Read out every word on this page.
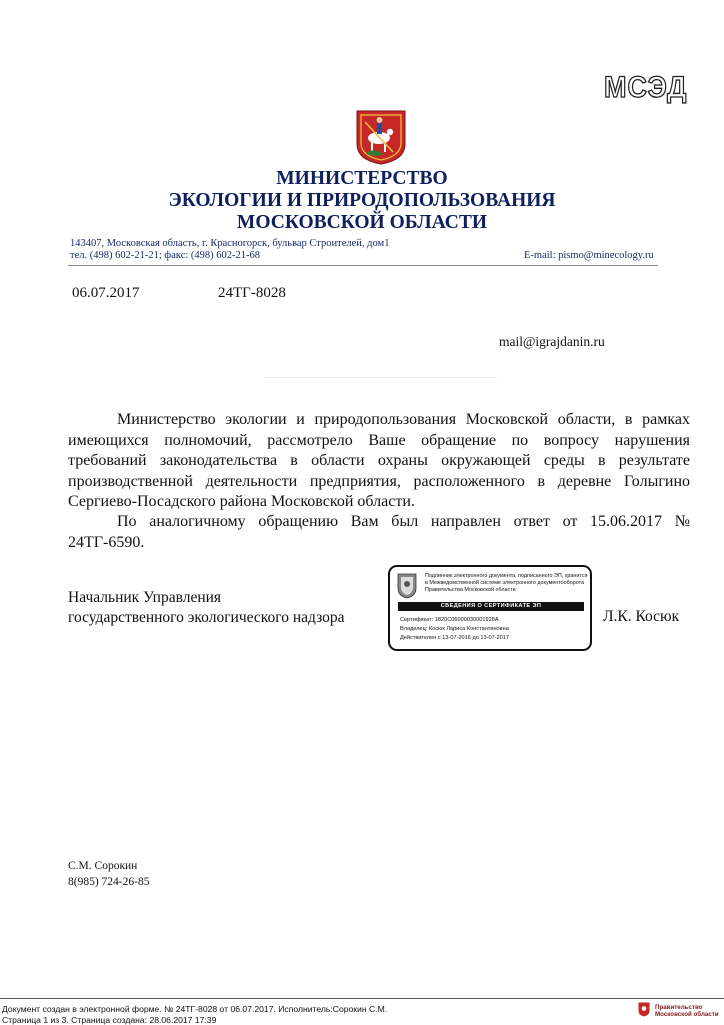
МСЭД
МИНИСТЕРСТВО
ЭКОЛОГИИ И ПРИРОДОПОЛЬЗОВАНИЯ
МОСКОВСКОЙ ОБЛАСТИ
143407, Московская область, г. Красногорск, бульвар Строителей, дом1
тел. (498) 602-21-21; факс: (498) 602-21-68	E-mail: pismo@minecology.ru
06.07.2017	24ТГ-8028
mail@igrajdanin.ru
Министерство экологии и природопользования Московской области, в рамках имеющихся полномочий, рассмотрело Ваше обращение по вопросу нарушения требований законодательства в области охраны окружающей среды в результате производственной деятельности предприятия, расположенного в деревне Голыгино Сергиево-Посадского района Московской области.
По аналогичному обращению Вам был направлен ответ от 15.06.2017 № 24ТГ-6590.
Начальник Управления
государственного экологического надзора	Л.К. Косюк
Подлинник электронного документа, подписанного ЭП, хранится в Межведомственной системе электронного документооборота Правительства Московской области
СВЕДЕНИЯ О СЕРТИФИКАТЕ ЭП
Сертификат: 1820C06000030001928A
Владелец: Косюк Лариса Константиновна
Действителен с 13-07-2016 до 13-07-2017
С.М. Сорокин
8(985) 724-26-85
Документ создан в электронной форме. № 24ТГ-8028 от 06.07.2017. Исполнитель:Сорокин С.М.
Страница 1 из 3. Страница создана: 28.06.2017 17:39
Правительство
Московской области
